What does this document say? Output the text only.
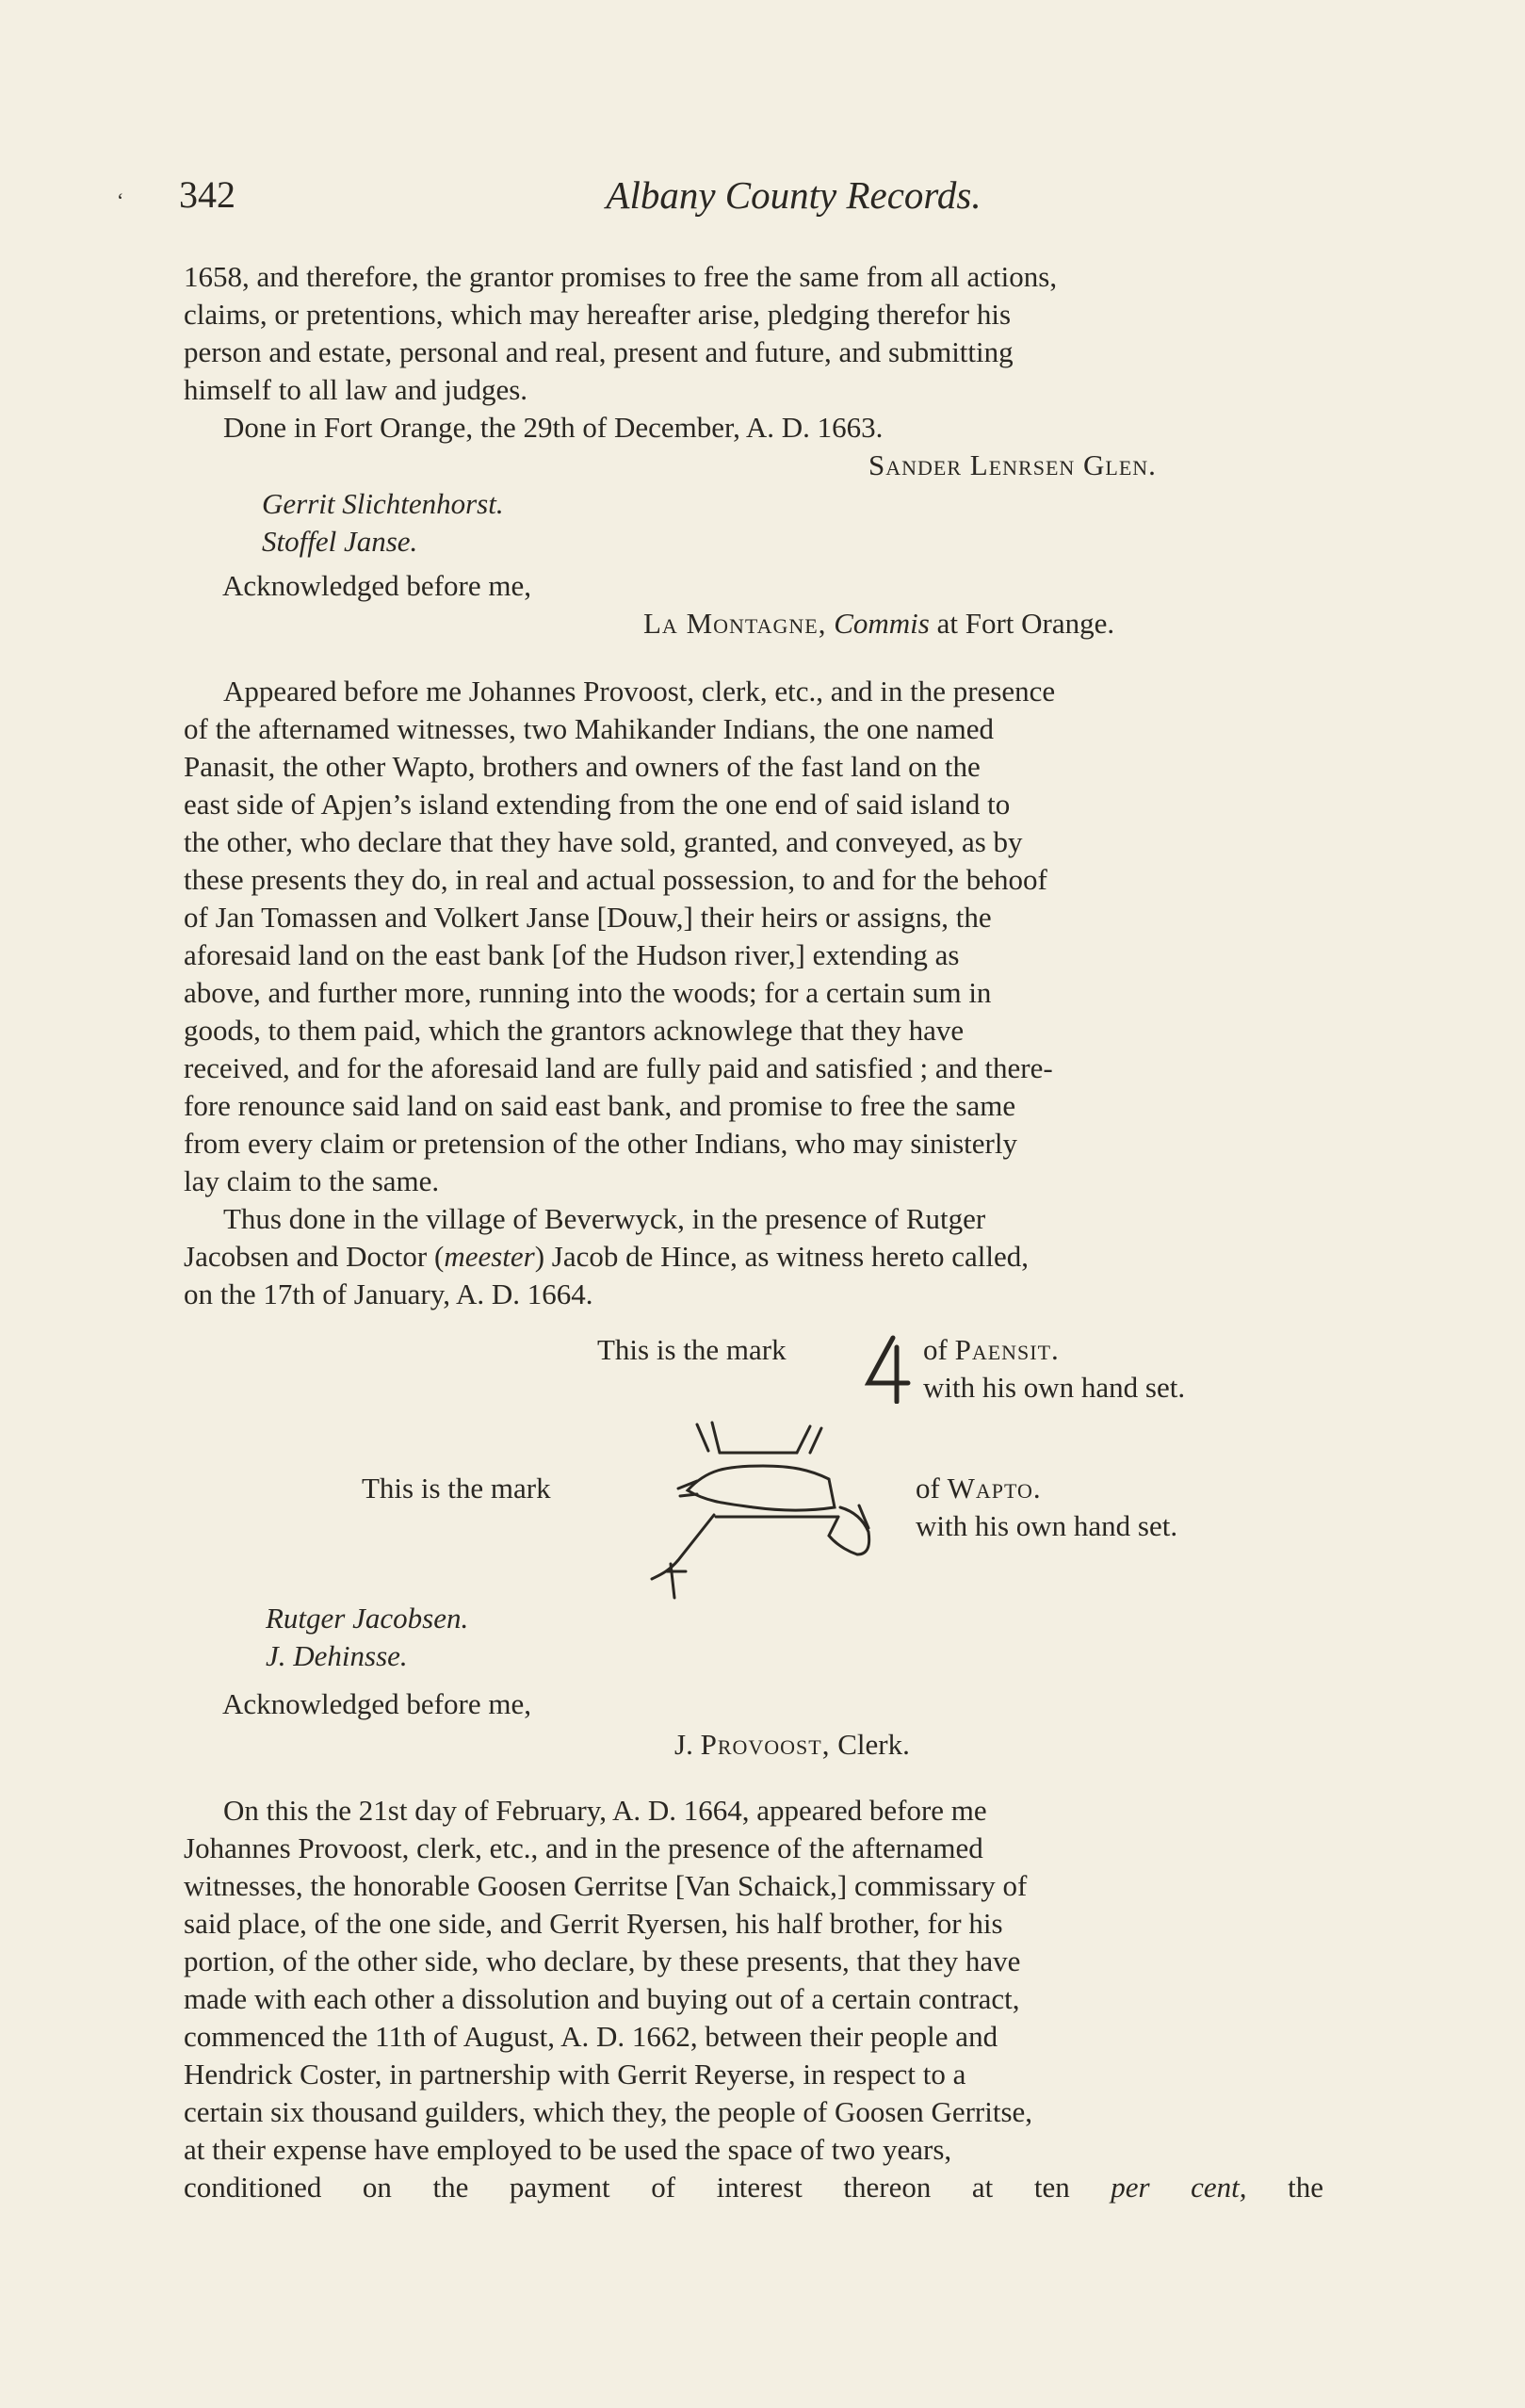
342	Albany County Records.
‘

1658, and therefore, the grantor promises to free the same from all actions,

claims, or pretentions, which may hereafter arise, pledging therefor his

person and estate, personal and real, present and future, and submitting

himself to all law and judges.

Done in Fort Orange, the 29th of December, A. D. 1663.

Sander Lenrsen Glen.
Gerrit Slichtenhorst.
Stoffel Janse.
Acknowledged before me,
La Montagne, Commis at Fort Orange.

Appeared before me Johannes Provoost, clerk, etc., and in the presence

of the afternamed witnesses, two Mahikander Indians, the one named

Panasit, the other Wapto, brothers and owners of the fast land on the

east side of Apjen’s island extending from the one end of said island to

the other, who declare that they have sold, granted, and conveyed, as by

these presents they do, in real and actual possession, to and for the behoof

of Jan Tomassen and Volkert Janse [Douw,] their heirs or assigns, the

aforesaid land on the east bank [of the Hudson river,] extending as

above, and further more, running into the woods; for a certain sum in

goods, to them paid, which the grantors acknowlege that they have

received, and for the aforesaid land are fully paid and satisfied ; and there-

fore renounce said land on said east bank, and promise to free the same

from every claim or pretension of the other Indians, who may sinisterly

lay claim to the same.

Thus done in the village of Beverwyck, in the presence of Rutger

Jacobsen and Doctor (meester) Jacob de Hince, as witness hereto called,

on the 17th of January, A. D. 1664.

This is the mark	of Paensit.
with his own hand set.
This is the mark	of Wapto.
with his own hand set.
Rutger Jacobsen.
J. Dehinsse.
Acknowledged before me,
J. Provoost, Clerk.

On this the 21st day of February, A. D. 1664, appeared before me

Johannes Provoost, clerk, etc., and in the presence of the afternamed

witnesses, the honorable Goosen Gerritse [Van Schaick,] commissary of

said place, of the one side, and Gerrit Ryersen, his half brother, for his

portion, of the other side, who declare, by these presents, that they have

made with each other a dissolution and buying out of a certain contract,

commenced the 11th of August, A. D. 1662, between their people and

Hendrick Coster, in partnership with Gerrit Reyerse, in respect to a

certain six thousand guilders, which they, the people of Goosen Gerritse,

at their expense have employed to be used the space of two years,

conditioned on the payment of interest thereon at ten per cent, the
